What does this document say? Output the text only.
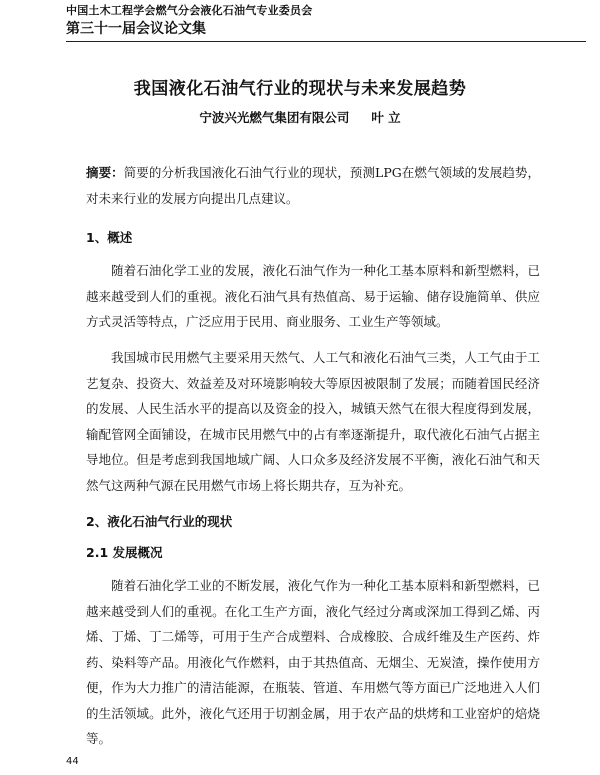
中国土木工程学会燃气分会液化石油气专业委员会
第三十一届会议论文集
我国液化石油气行业的现状与未来发展趋势
宁波兴光燃气集团有限公司 叶 立
摘要：简要的分析我国液化石油气行业的现状，预测LPG在燃气领域的发展趋势，对未来行业的发展方向提出几点建议。
1、概述
随着石油化学工业的发展，液化石油气作为一种化工基本原料和新型燃料，已越来越受到人们的重视。液化石油气具有热值高、易于运输、储存设施简单、供应方式灵活等特点，广泛应用于民用、商业服务、工业生产等领域。
我国城市民用燃气主要采用天然气、人工气和液化石油气三类，人工气由于工艺复杂、投资大、效益差及对环境影响较大等原因被限制了发展；而随着国民经济的发展、人民生活水平的提高以及资金的投入，城镇天然气在很大程度得到发展，输配管网全面铺设，在城市民用燃气中的占有率逐渐提升，取代液化石油气占据主导地位。但是考虑到我国地域广阔、人口众多及经济发展不平衡，液化石油气和天然气这两种气源在民用燃气市场上将长期共存，互为补充。
2、液化石油气行业的现状
2.1 发展概况
随着石油化学工业的不断发展，液化气作为一种化工基本原料和新型燃料，已越来越受到人们的重视。在化工生产方面，液化气经过分离或深加工得到乙烯、丙烯、丁烯、丁二烯等，可用于生产合成塑料、合成橡胶、合成纤维及生产医药、炸药、染料等产品。用液化气作燃料，由于其热值高、无烟尘、无炭渣，操作使用方便，作为大力推广的清洁能源，在瓶装、管道、车用燃气等方面已广泛地进入人们的生活领域。此外，液化气还用于切割金属，用于农产品的烘烤和工业窑炉的焙烧等。
44
